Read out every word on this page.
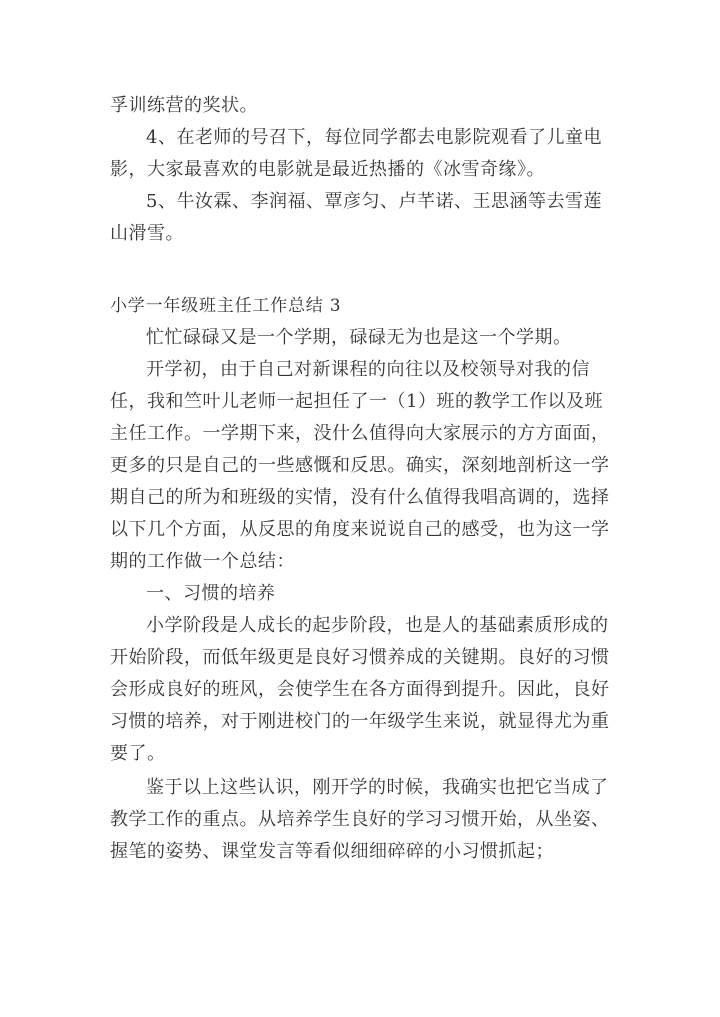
孚训练营的奖状。

4、在老师的号召下，每位同学都去电影院观看了儿童电影，大家最喜欢的电影就是最近热播的《冰雪奇缘》。

5、牛汝霖、李润福、覃彦匀、卢芊诺、王思涵等去雪莲山滑雪。

小学一年级班主任工作总结 3

忙忙碌碌又是一个学期，碌碌无为也是这一个学期。

开学初，由于自己对新课程的向往以及校领导对我的信任，我和竺叶儿老师一起担任了一（1）班的教学工作以及班主任工作。一学期下来，没什么值得向大家展示的方方面面，更多的只是自己的一些感慨和反思。确实，深刻地剖析这一学期自己的所为和班级的实情，没有什么值得我唱高调的，选择以下几个方面，从反思的角度来说说自己的感受，也为这一学期的工作做一个总结：

一、习惯的培养

小学阶段是人成长的起步阶段，也是人的基础素质形成的开始阶段，而低年级更是良好习惯养成的关键期。良好的习惯会形成良好的班风，会使学生在各方面得到提升。因此，良好习惯的培养，对于刚进校门的一年级学生来说，就显得尤为重要了。

鉴于以上这些认识，刚开学的时候，我确实也把它当成了教学工作的重点。从培养学生良好的学习习惯开始，从坐姿、握笔的姿势、课堂发言等看似细细碎碎的小习惯抓起；
